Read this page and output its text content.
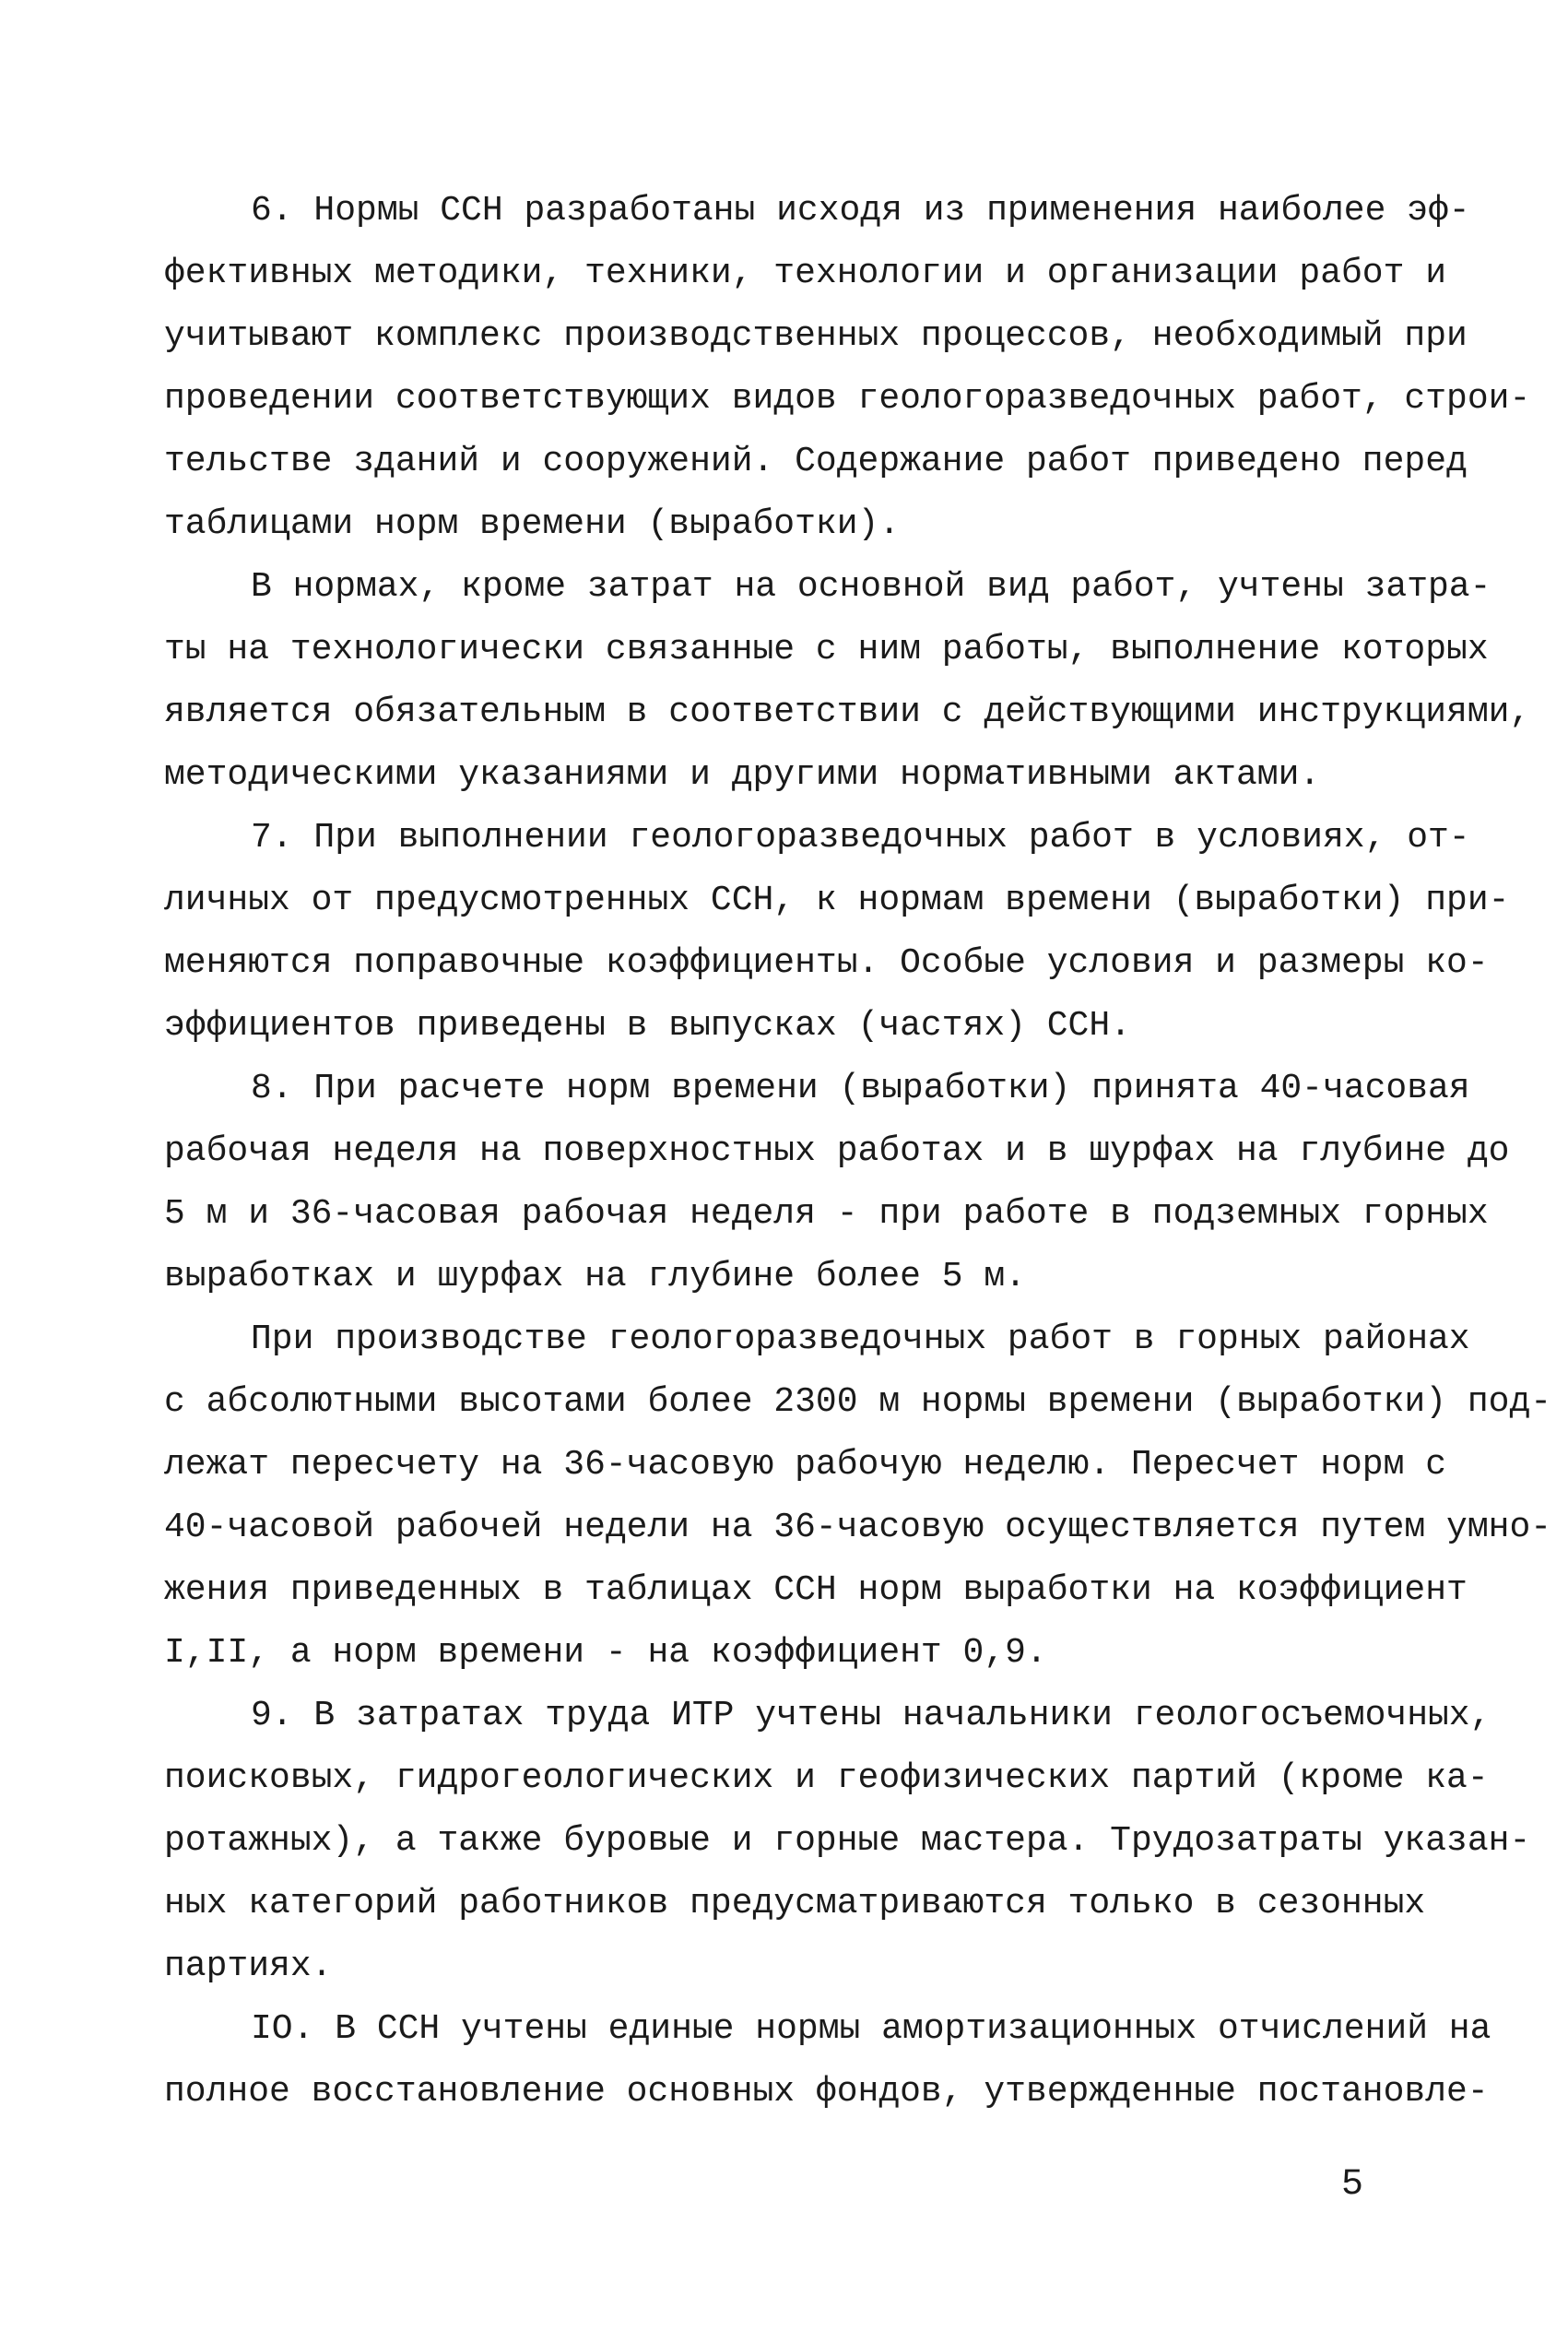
6. Нормы ССН разработаны исходя из применения наиболее эф-
фективных методики, техники, технологии и организации работ и
учитывают комплекс производственных процессов, необходимый при
проведении соответствующих видов геологоразведочных работ, строи-
тельстве зданий и сооружений. Содержание работ приведено перед
таблицами норм времени (выработки).
В нормах, кроме затрат на основной вид работ, учтены затра-
ты на технологически связанные с ним работы, выполнение которых
является обязательным в соответствии с действующими инструкциями,
методическими указаниями и другими нормативными актами.
7. При выполнении геологоразведочных работ в условиях, от-
личных от предусмотренных ССН, к нормам времени (выработки) при-
меняются поправочные коэффициенты. Особые условия и размеры ко-
эффициентов приведены в выпусках (частях) ССН.
8. При расчете норм времени (выработки) принята 40-часовая
рабочая неделя на поверхностных работах и в шурфах на глубине до
5 м и 36-часовая рабочая неделя - при работе в подземных горных
выработках и шурфах на глубине более 5 м.
При производстве геологоразведочных работ в горных районах
с абсолютными высотами более 2300 м нормы времени (выработки) под-
лежат пересчету на 36-часовую рабочую неделю. Пересчет норм с
40-часовой рабочей недели на 36-часовую осуществляется путем умно-
жения приведенных в таблицах ССН норм выработки на коэффициент
I,II, а норм времени - на коэффициент 0,9.
9. В затратах труда ИТР учтены начальники геологосъемочных,
поисковых, гидрогеологических и геофизических партий (кроме ка-
ротажных), а также буровые и горные мастера. Трудозатраты указан-
ных категорий работников предусматриваются только в сезонных
партиях.
IO. В ССН учтены единые нормы амортизационных отчислений на
полное восстановление основных фондов, утвержденные постановле-
5
